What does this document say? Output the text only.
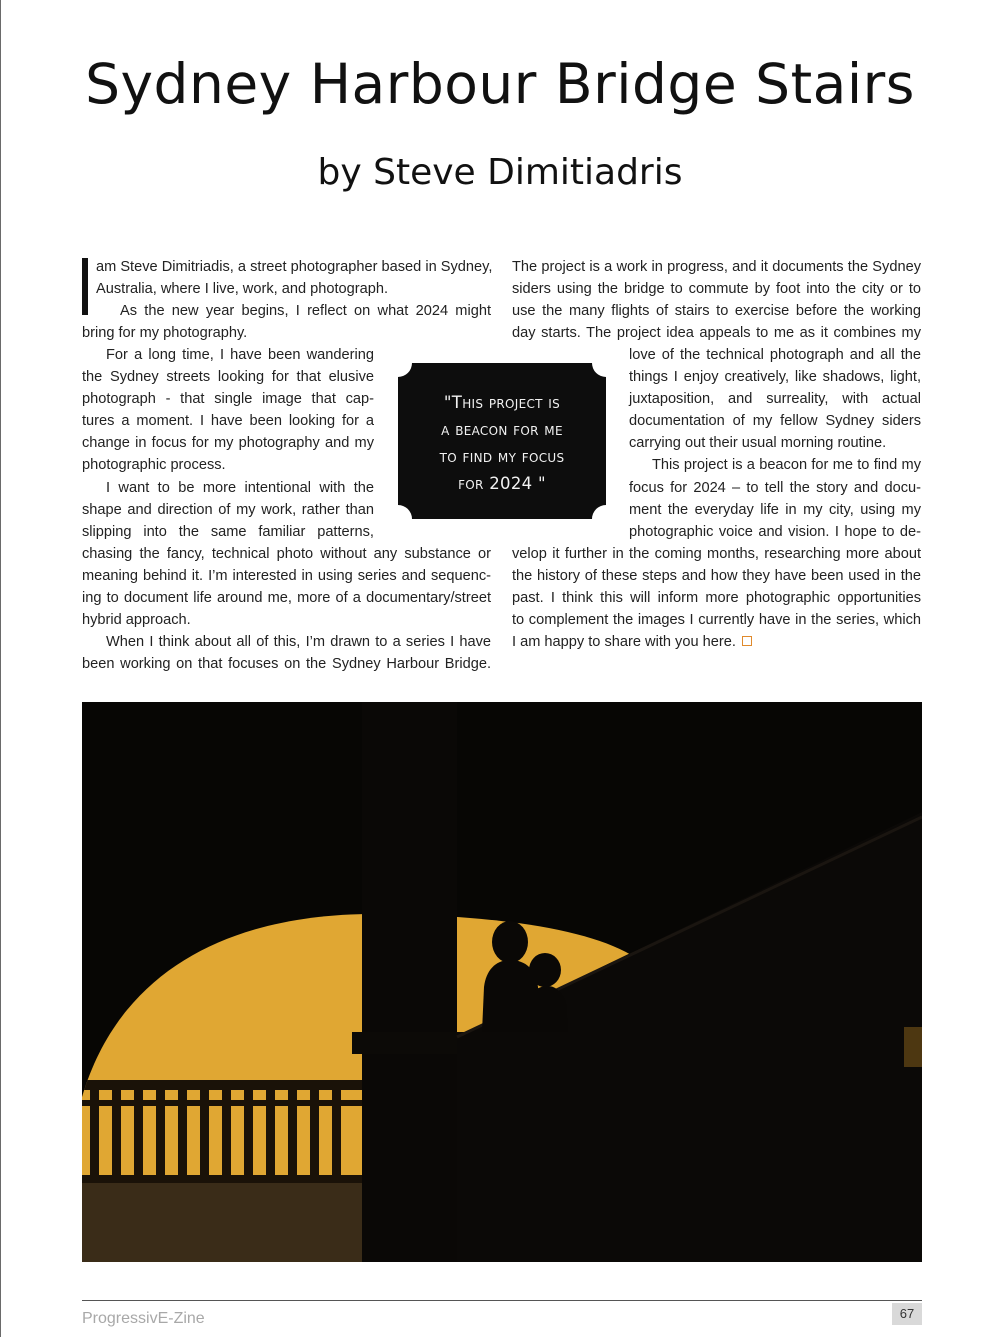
Sydney Harbour Bridge Stairs
by Steve Dimitiadris

am Steve Dimitriadis, a street photographer based in Sydney,

Australia, where I live, work, and photograph.

As the new year begins, I reflect on what 2024 might

bring for my photography.

For a long time, I have been wandering

the Sydney streets looking for that elusive

photograph - that single image that cap-

tures a moment. I have been looking for a

change in focus for my photography and my

photographic process.

I want to be more intentional with the

shape and direction of my work, rather than

slipping into the same familiar patterns,

chasing the fancy, technical photo without any substance or

meaning behind it. I’m interested in using series and sequenc-

ing to document life around me, more of a documentary/street

hybrid approach.

When I think about all of this, I’m drawn to a series I have

been working on that focuses on the Sydney Harbour Bridge.

The project is a work in progress, and it documents the Sydney

siders using the bridge to commute by foot into the city or to

use the many flights of stairs to exercise before the working

day starts. The project idea appeals to me as it combines my

love of the technical photograph and all the

things I enjoy creatively, like shadows, light,

juxtaposition, and surreality, with actual

documentation of my fellow Sydney siders

carrying out their usual morning routine.

This project is a beacon for me to find my

focus for 2024 – to tell the story and docu-

ment the everyday life in my city, using my

photographic voice and vision. I hope to de-

velop it further in the coming months, researching more about

the history of these steps and how they have been used in the

past. I think this will inform more photographic opportunities

to complement the images I currently have in the series, which

I am happy to share with you here.

"This project is
a beacon for me
to find my focus
for 2024 "

ProgressivE-Zine	67
